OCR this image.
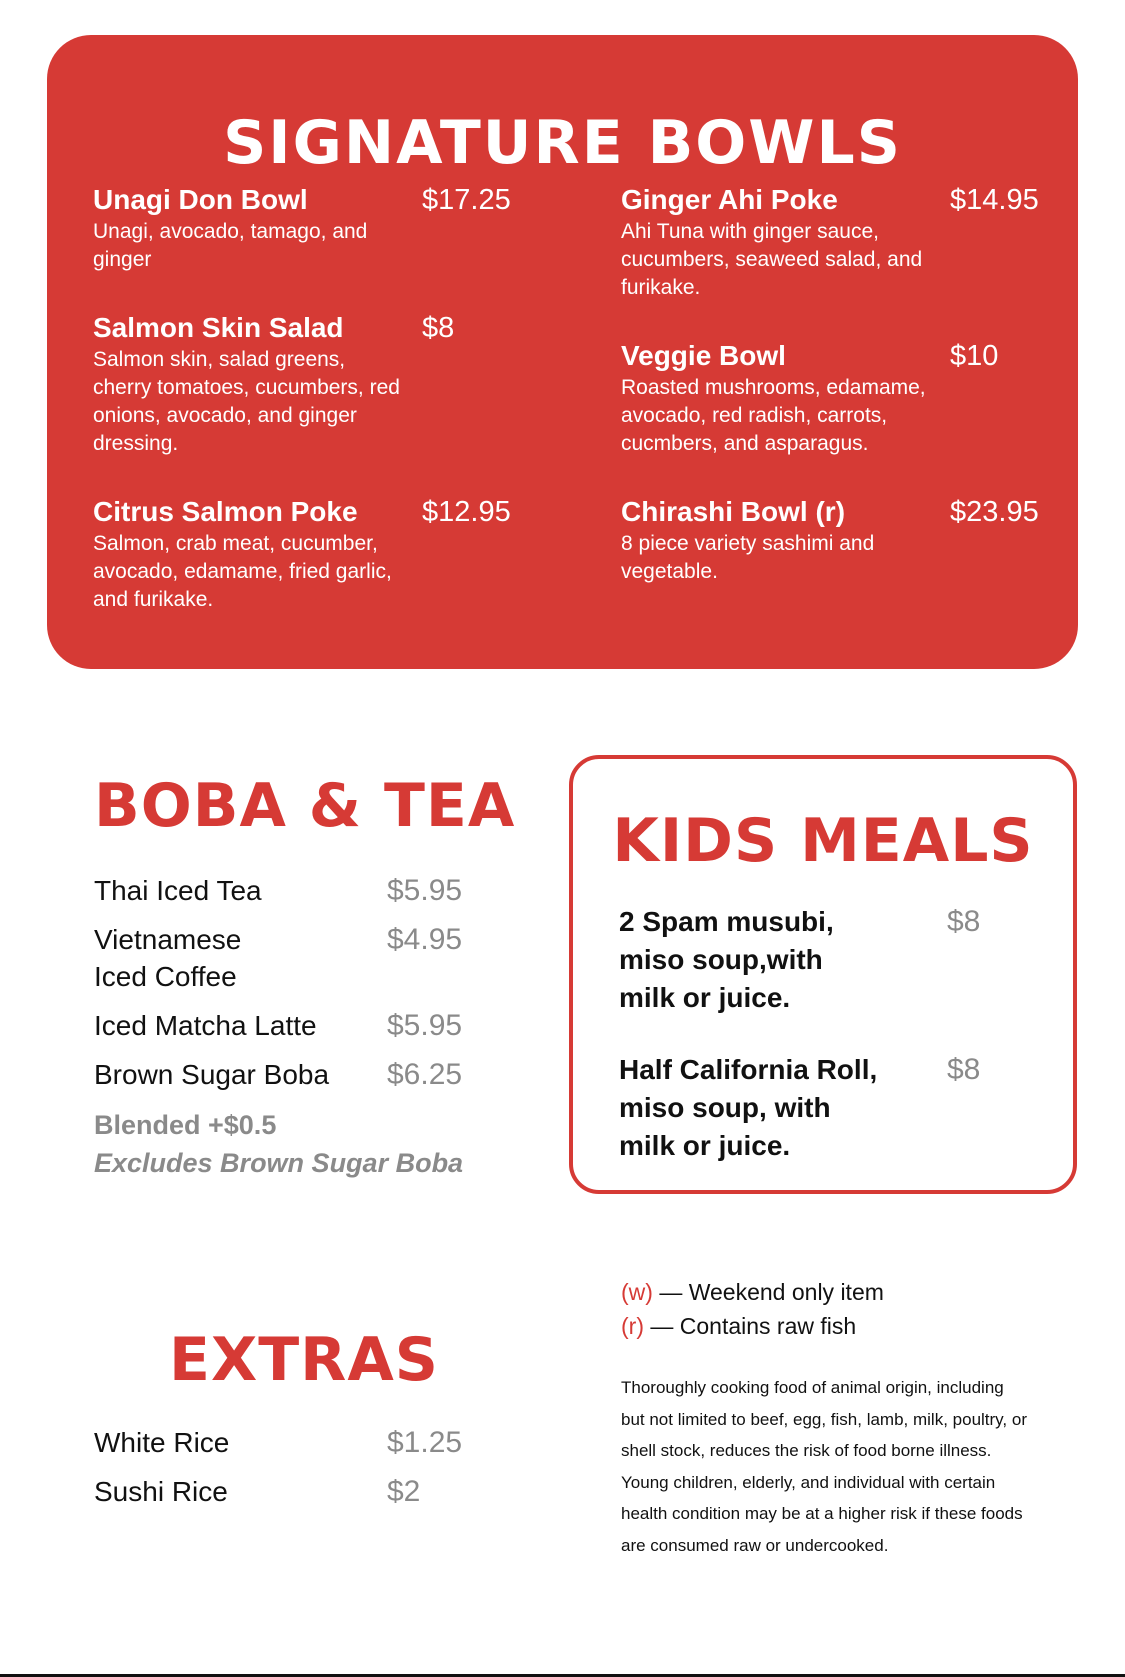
SIGNATURE BOWLS
Unagi Don Bowl	$17.25
Unagi, avocado, tamago, and ginger
Salmon Skin Salad	$8
Salmon skin, salad greens, cherry tomatoes, cucumbers, red onions, avocado, and ginger dressing.
Citrus Salmon Poke	$12.95
Salmon, crab meat, cucumber, avocado, edamame, fried garlic, and furikake.
Ginger Ahi Poke	$14.95
Ahi Tuna with ginger sauce, cucumbers, seaweed salad, and furikake.
Veggie Bowl	$10
Roasted mushrooms, edamame, avocado, red radish, carrots, cucmbers, and asparagus.
Chirashi Bowl (r)	$23.95
8 piece variety sashimi and vegetable.
BOBA & TEA
Thai Iced Tea	$5.95
Vietnamese Iced Coffee
$4.95
Iced Matcha Latte	$5.95
Brown Sugar Boba	$6.25
Blended +$0.5
Excludes Brown Sugar Boba
KIDS MEALS
2 Spam musubi, miso soup,with milk or juice.
$8
Half California Roll, miso soup, with milk or juice.
$8
EXTRAS
White Rice	$1.25
Sushi Rice	$2
(w) — Weekend only item
(r) — Contains raw fish

Thoroughly cooking food of animal origin, including but not limited to beef, egg, fish, lamb, milk, poultry, or shell stock, reduces the risk of food borne illness. Young children, elderly, and individual with certain health condition may be at a higher risk if these foods are consumed raw or undercooked.
